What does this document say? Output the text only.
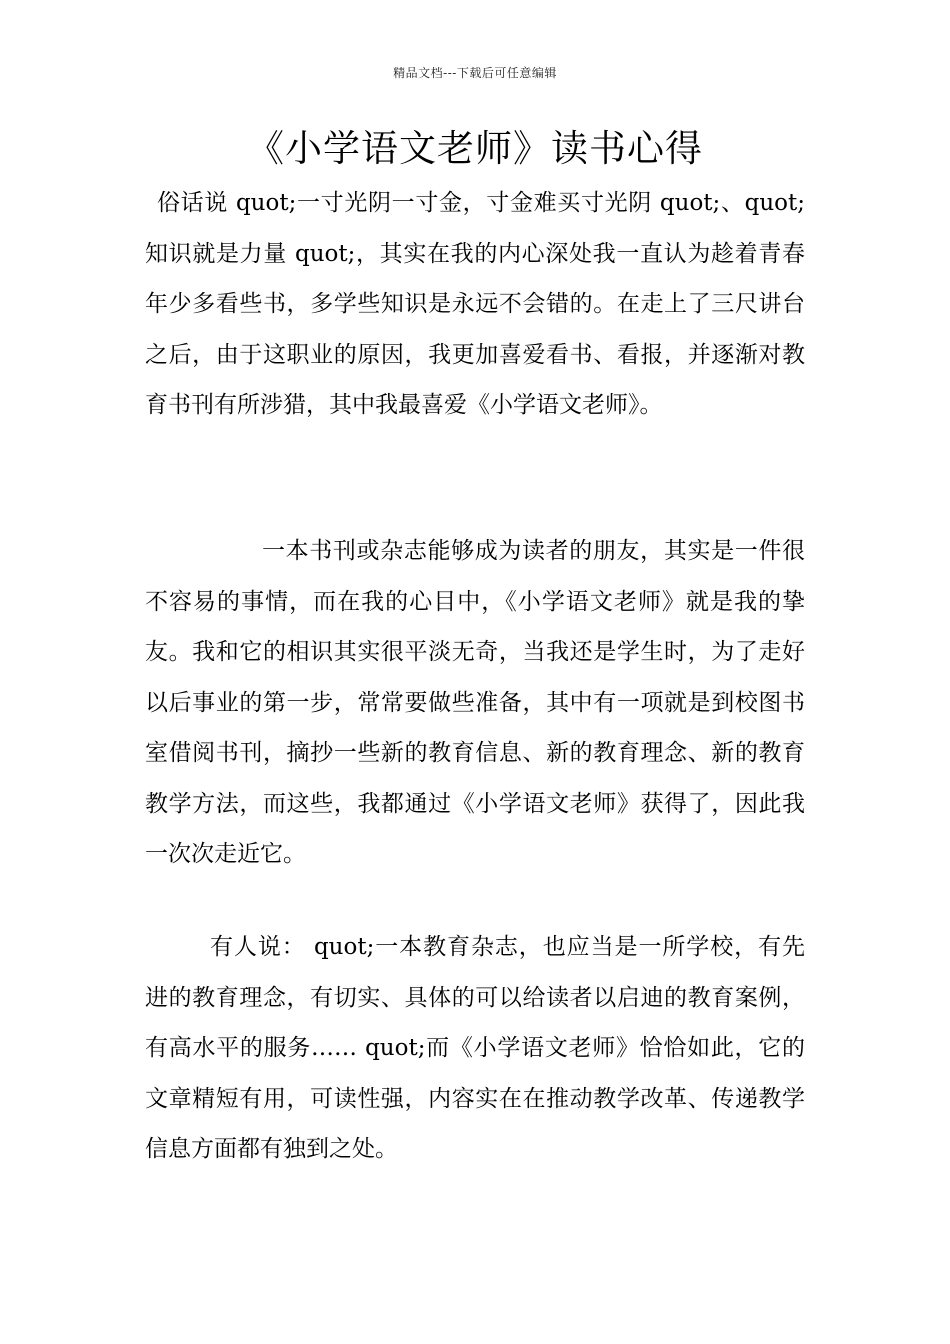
精品文档---下载后可任意编辑
《小学语文老师》读书心得

俗话说 quot;一寸光阴一寸金，寸金难买寸光阴 quot;、quot;知识就是力量 quot;，其实在我的内心深处我一直认为趁着青春年少多看些书，多学些知识是永远不会错的。在走上了三尺讲台之后，由于这职业的原因，我更加喜爱看书、看报，并逐渐对教育书刊有所涉猎，其中我最喜爱《小学语文老师》。

一本书刊或杂志能够成为读者的朋友，其实是一件很不容易的事情，而在我的心目中，《小学语文老师》就是我的挚友。我和它的相识其实很平淡无奇，当我还是学生时，为了走好以后事业的第一步，常常要做些准备，其中有一项就是到校图书室借阅书刊，摘抄一些新的教育信息、新的教育理念、新的教育教学方法，而这些，我都通过《小学语文老师》获得了，因此我一次次走近它。

有人说： quot;一本教育杂志，也应当是一所学校，有先进的教育理念，有切实、具体的可以给读者以启迪的教育案例，有高水平的服务…… quot;而《小学语文老师》恰恰如此，它的文章精短有用，可读性强，内容实在在推动教学改革、传递教学信息方面都有独到之处。
